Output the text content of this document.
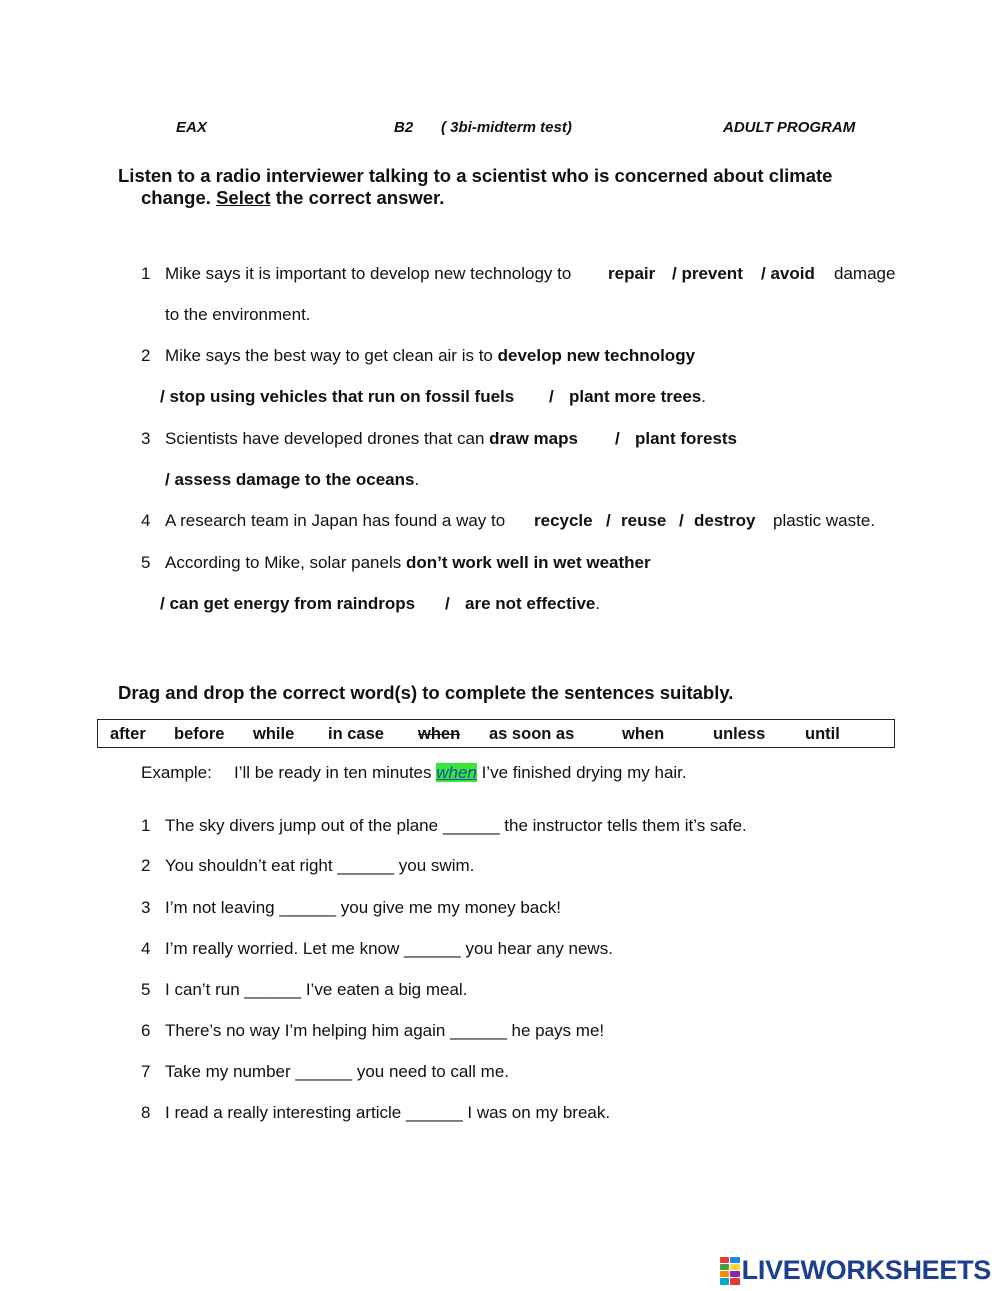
EAX	B2 ( 3bi-midterm test)	ADULT PROGRAM
Listen to a radio interviewer talking to a scientist who is concerned about climate
change. Select the correct answer.
1 Mike says it is important to develop new technology to repair / prevent / avoid damage
to the environment.
2 Mike says the best way to get clean air is to develop new technology
/ stop using vehicles that run on fossil fuels / plant more trees.
3 Scientists have developed drones that can draw maps / plant forests
/ assess damage to the oceans.
4 A research team in Japan has found a way to recycle / reuse / destroy plastic waste.
5 According to Mike, solar panels don’t work well in wet weather
/ can get energy from raindrops / are not effective.
Drag and drop the correct word(s) to complete the sentences suitably.
after before while in case when as soon as	when	unless until
Example: I’ll be ready in ten minutes when I’ve finished drying my hair.
1 The sky divers jump out of the plane ______ the instructor tells them it’s safe.
2 You shouldn’t eat right ______ you swim.
3 I’m not leaving ______ you give me my money back!
4 I’m really worried. Let me know ______ you hear any news.
5 I can’t run ______ I’ve eaten a big meal.
6 There’s no way I’m helping him again ______ he pays me!
7 Take my number ______ you need to call me.
8 I read a really interesting article ______ I was on my break.
LIVEWORKSHEETS
